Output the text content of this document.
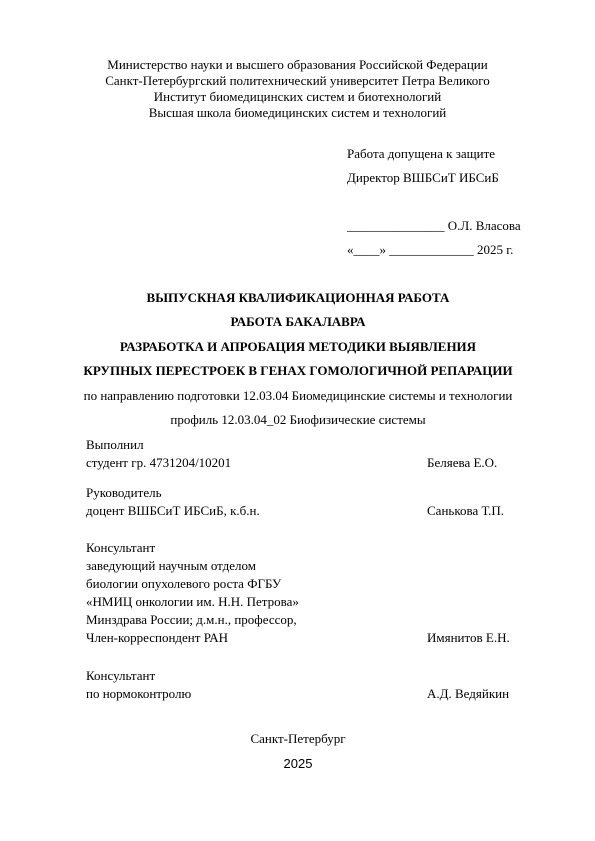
Министерство науки и высшего образования Российской Федерации
Санкт-Петербургский политехнический университет Петра Великого
Институт биомедицинских систем и биотехнологий
Высшая школа биомедицинских систем и технологий
Работа допущена к защите
Директор ВШБСиТ ИБСиБ
_______________ О.Л. Власова
«____» _____________ 2025 г.
ВЫПУСКНАЯ КВАЛИФИКАЦИОННАЯ РАБОТА
РАБОТА БАКАЛАВРА
РАЗРАБОТКА И АПРОБАЦИЯ МЕТОДИКИ ВЫЯВЛЕНИЯ
КРУПНЫХ ПЕРЕСТРОЕК В ГЕНАХ ГОМОЛОГИЧНОЙ РЕПАРАЦИИ
по направлению подготовки 12.03.04 Биомедицинские системы и технологии
профиль 12.03.04_02 Биофизические системы
Выполнил
студент гр. 4731204/10201	Беляева Е.О.
Руководитель
доцент ВШБСиТ ИБСиБ, к.б.н.	Санькова Т.П.
Консультант
заведующий научным отделом
биологии опухолевого роста ФГБУ
«НМИЦ онкологии им. Н.Н. Петрова»
Минздрава России; д.м.н., профессор,
Член-корреспондент РАН	Имянитов Е.Н.
Консультант
по нормоконтролю	А.Д. Ведяйкин
Санкт-Петербург
2025
